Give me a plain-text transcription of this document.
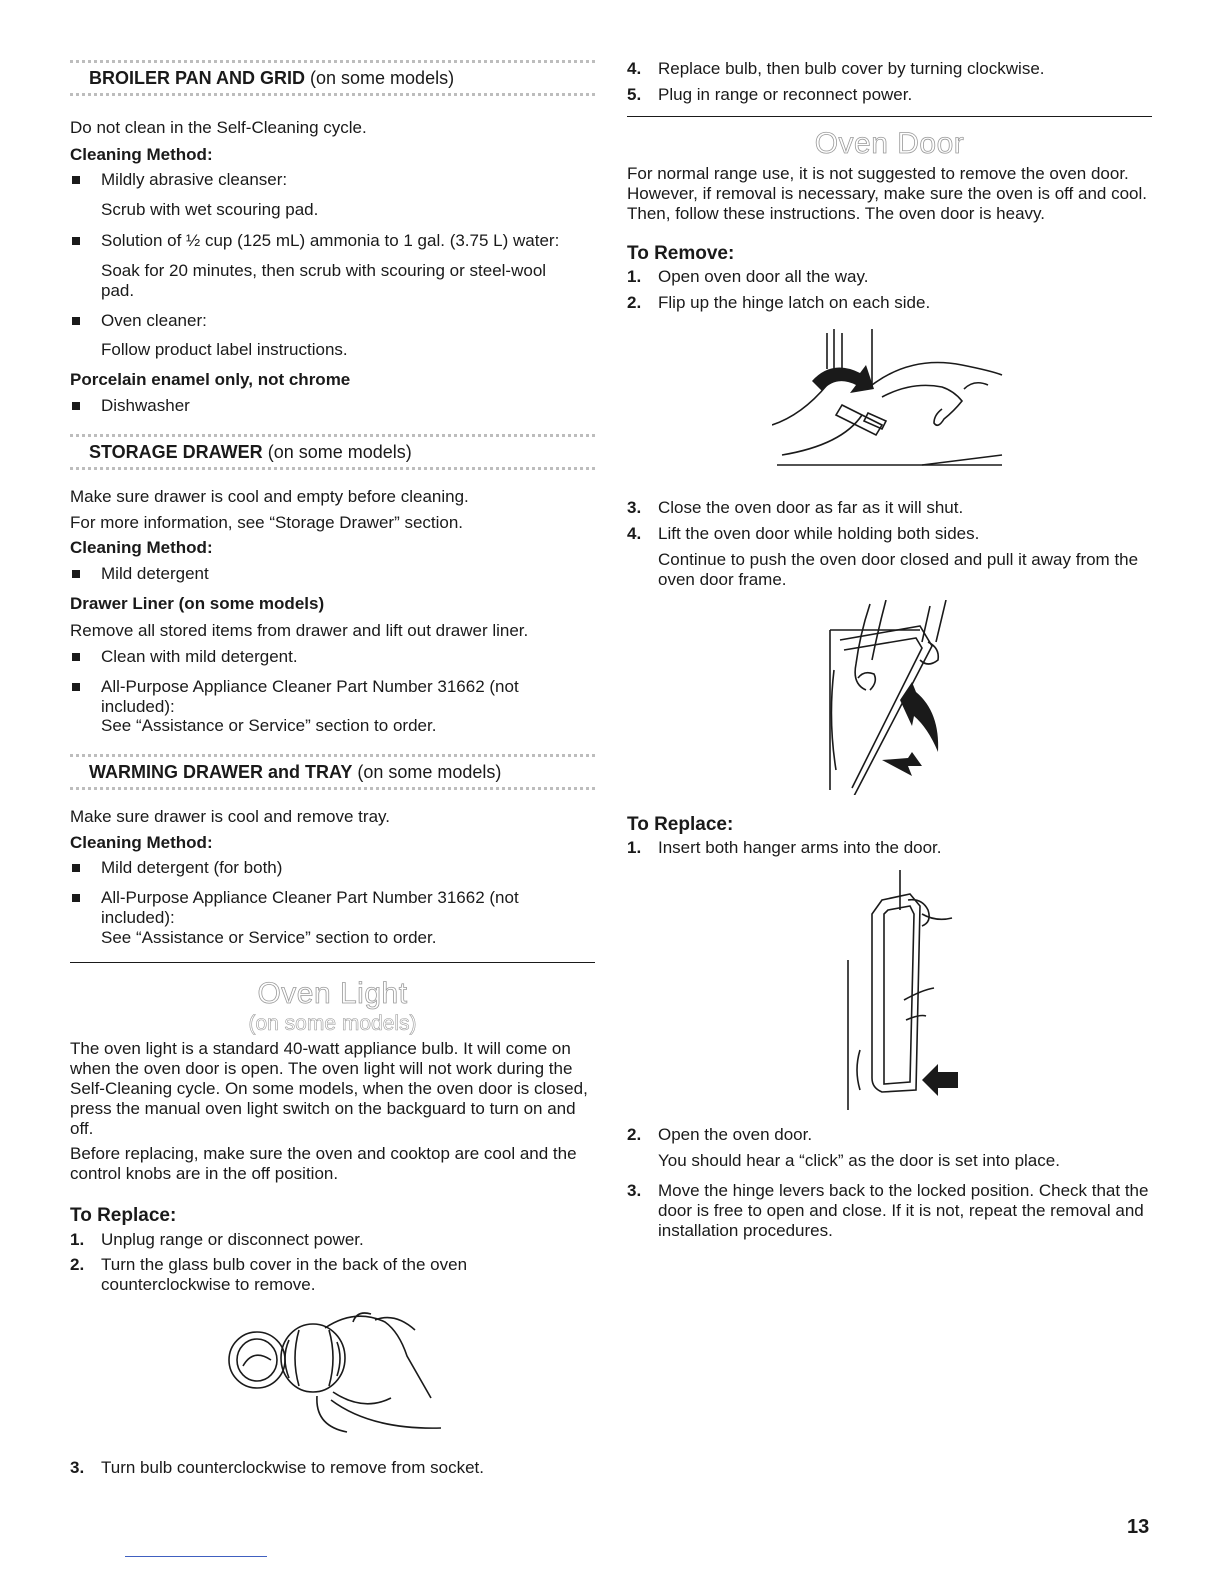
BROILER PAN AND GRID (on some models)

Do not clean in the Self-Cleaning cycle.

Cleaning Method:

Mildly abrasive cleanser:

Scrub with wet scouring pad.

Solution of ½ cup (125 mL) ammonia to 1 gal. (3.75 L) water:

Soak for 20 minutes, then scrub with scouring or steel-wool pad.

Oven cleaner:

Follow product label instructions.

Porcelain enamel only, not chrome

Dishwasher
STORAGE DRAWER (on some models)

Make sure drawer is cool and empty before cleaning.

For more information, see “Storage Drawer” section.

Cleaning Method:

Mild detergent

Drawer Liner (on some models)

Remove all stored items from drawer and lift out drawer liner.

Clean with mild detergent.
All-Purpose Appliance Cleaner Part Number 31662 (not included):

See “Assistance or Service” section to order.

WARMING DRAWER and TRAY (on some models)

Make sure drawer is cool and remove tray.

Cleaning Method:

Mild detergent (for both)
All-Purpose Appliance Cleaner Part Number 31662 (not included):

See “Assistance or Service” section to order.

Oven Light
(on some models)

The oven light is a standard 40-watt appliance bulb. It will come on when the oven door is open. The oven light will not work during the Self-Cleaning cycle. On some models, when the oven door is closed, press the manual oven light switch on the backguard to turn on and off.

Before replacing, make sure the oven and cooktop are cool and the control knobs are in the off position.

To Replace:
1. Unplug range or disconnect power.
2. Turn the glass bulb cover in the back of the oven counterclockwise to remove.
3. Turn bulb counterclockwise to remove from socket.
4. Replace bulb, then bulb cover by turning clockwise.
5. Plug in range or reconnect power.
Oven Door

For normal range use, it is not suggested to remove the oven door. However, if removal is necessary, make sure the oven is off and cool. Then, follow these instructions. The oven door is heavy.

To Remove:
1. Open oven door all the way.
2. Flip up the hinge latch on each side.
3. Close the oven door as far as it will shut.
4. Lift the oven door while holding both sides.

Continue to push the oven door closed and pull it away from the oven door frame.

To Replace:
1. Insert both hanger arms into the door.
2. Open the oven door.

You should hear a “click” as the door is set into place.

3. Move the hinge levers back to the locked position. Check that the door is free to open and close. If it is not, repeat the removal and installation procedures.
13
